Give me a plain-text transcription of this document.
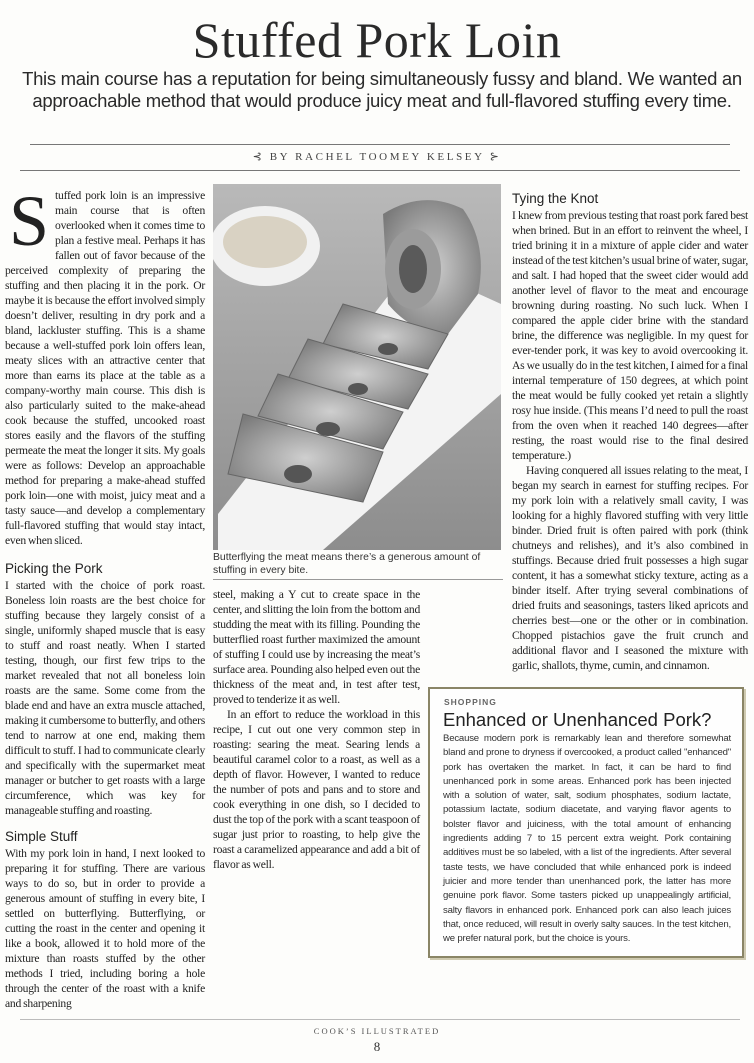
Stuffed Pork Loin
This main course has a reputation for being simultaneously fussy and bland. We wanted an approachable method that would produce juicy meat and full-flavored stuffing every time.
⊰ BY RACHEL TOOMEY KELSEY ⊱

Stuffed pork loin is an impressive main course that is often overlooked when it comes time to plan a festive meal. Perhaps it has fallen out of favor because of the perceived complexity of preparing the stuffing and then placing it in the pork. Or maybe it is because the effort involved simply doesn’t deliver, resulting in dry pork and a bland, lackluster stuffing. This is a shame because a well-stuffed pork loin offers lean, meaty slices with an attractive center that more than earns its place at the table as a company-worthy main course. This dish is also particularly suited to the make-ahead cook because the stuffed, uncooked roast stores easily and the flavors of the stuffing permeate the meat the longer it sits. My goals were as follows: Develop an approachable method for preparing a make-ahead stuffed pork loin—one with moist, juicy meat and a tasty sauce—and develop a complementary full-flavored stuffing that would stay intact, even when sliced.

Picking the Pork

I started with the choice of pork roast. Boneless loin roasts are the best choice for stuffing because they largely consist of a single, uniformly shaped muscle that is easy to stuff and roast neatly. When I started testing, though, our first few trips to the market revealed that not all boneless loin roasts are the same. Some come from the blade end and have an extra muscle attached, making it cumbersome to butterfly, and others tend to narrow at one end, making them difficult to stuff. I had to communicate clearly and specifically with the supermarket meat manager or butcher to get roasts with a large circumference, which was key for manageable stuffing and roasting.

Simple Stuff

With my pork loin in hand, I next looked to preparing it for stuffing. There are various ways to do so, but in order to provide a generous amount of stuffing in every bite, I settled on butterflying. Butterflying, or cutting the roast in the center and opening it like a book, allowed it to hold more of the mixture than roasts stuffed by the other methods I tried, including boring a hole through the center of the roast with a knife and sharpening

Butterflying the meat means there’s a generous amount of stuffing in every bite.

steel, making a Y cut to create space in the center, and slitting the loin from the bottom and studding the meat with its filling. Pounding the butterflied roast further maximized the amount of stuffing I could use by increasing the meat’s surface area. Pounding also helped even out the thickness of the meat and, in test after test, proved to tenderize it as well.

In an effort to reduce the workload in this recipe, I cut out one very common step in roasting: searing the meat. Searing lends a beautiful caramel color to a roast, as well as a depth of flavor. However, I wanted to reduce the number of pots and pans and to store and cook everything in one dish, so I decided to dust the top of the pork with a scant teaspoon of sugar just prior to roasting, to help give the roast a caramelized appearance and add a bit of flavor as well.

Tying the Knot

I knew from previous testing that roast pork fared best when brined. But in an effort to reinvent the wheel, I tried brining it in a mixture of apple cider and water instead of the test kitchen’s usual brine of water, sugar, and salt. I had hoped that the sweet cider would add another level of flavor to the meat and encourage browning during roasting. No such luck. When I compared the apple cider brine with the standard brine, the difference was negligible. In my quest for ever-tender pork, it was key to avoid overcooking it. As we usually do in the test kitchen, I aimed for a final internal temperature of 150 degrees, at which point the meat would be fully cooked yet retain a slightly rosy hue inside. (This means I’d need to pull the roast from the oven when it reached 140 degrees—after resting, the roast would rise to the final desired temperature.)

Having conquered all issues relating to the meat, I began my search in earnest for stuffing recipes. For my pork loin with a relatively small cavity, I was looking for a highly flavored stuffing with very little binder. Dried fruit is often paired with pork (think chutneys and relishes), and it’s also combined in stuffings. Because dried fruit possesses a high sugar content, it has a somewhat sticky texture, acting as a binder itself. After trying several combinations of dried fruits and seasonings, tasters liked apricots and cherries best—one or the other or in combination. Chopped pistachios gave the fruit crunch and additional flavor and I seasoned the mixture with garlic, shallots, thyme, cumin, and cinnamon.

SHOPPING
Enhanced or Unenhanced Pork?
Because modern pork is remarkably lean and therefore somewhat bland and prone to dryness if overcooked, a product called "enhanced" pork has overtaken the market. In fact, it can be hard to find unenhanced pork in some areas. Enhanced pork has been injected with a solution of water, salt, sodium phosphates, sodium lactate, potassium lactate, sodium diacetate, and varying flavor agents to bolster flavor and juiciness, with the total amount of enhancing ingredients adding 7 to 15 percent extra weight. Pork containing additives must be so labeled, with a list of the ingredients. After several taste tests, we have concluded that while enhanced pork is indeed juicier and more tender than unenhanced pork, the latter has more genuine pork flavor. Some tasters picked up unappealingly artificial, salty flavors in enhanced pork. Enhanced pork can also leach juices that, once reduced, will result in overly salty sauces. In the test kitchen, we prefer natural pork, but the choice is yours.
COOK’S ILLUSTRATED
8
